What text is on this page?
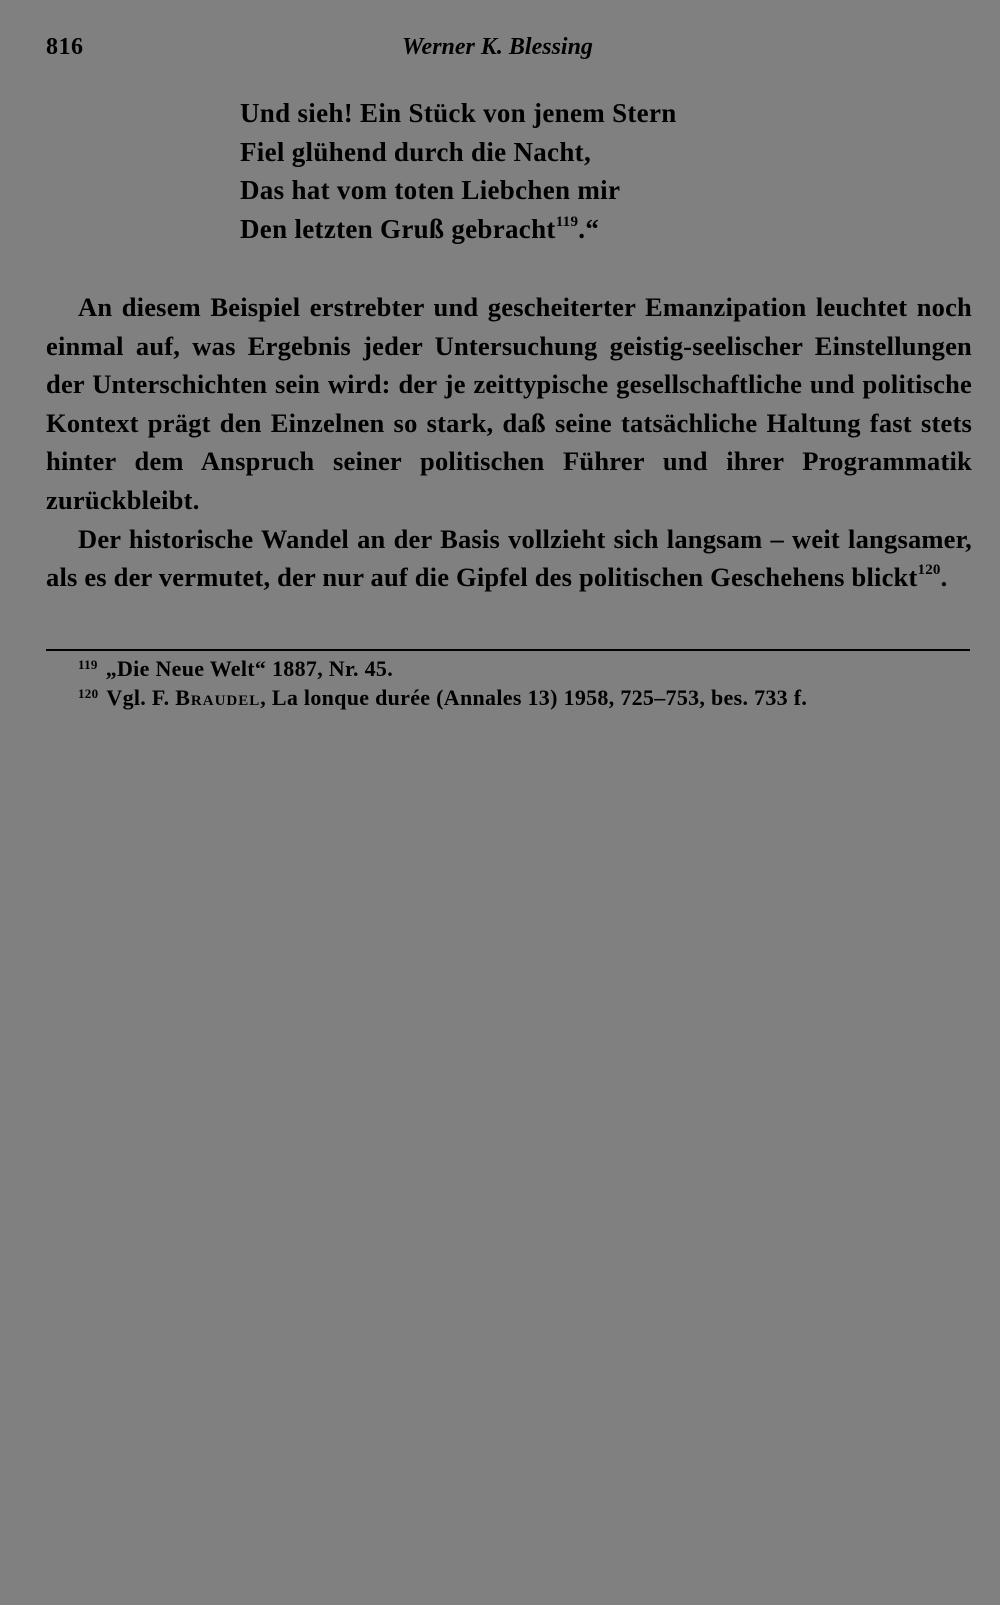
816	Werner K. Blessing
Und sieh! Ein Stück von jenem Stern
Fiel glühend durch die Nacht,
Das hat vom toten Liebchen mir
Den letzten Gruß gebracht$^{119}$.“

An diesem Beispiel erstrebter und gescheiterter Emanzipation leuchtet noch einmal auf, was Ergebnis jeder Untersuchung geistig-seelischer Einstellungen der Unterschichten sein wird: der je zeittypische gesellschaftliche und politische Kontext prägt den Einzelnen so stark, daß seine tatsächliche Haltung fast stets hinter dem Anspruch seiner politischen Führer und ihrer Programmatik zurückbleibt.

Der historische Wandel an der Basis vollzieht sich langsam – weit langsamer, als es der vermutet, der nur auf die Gipfel des politischen Geschehens blickt$^{120}$.

$^{119}$ „Die Neue Welt“ 1887, Nr. 45.
$^{120}$ Vgl. F. Braudel, La lonque durée (Annales 13) 1958, 725–753, bes. 733 f.
